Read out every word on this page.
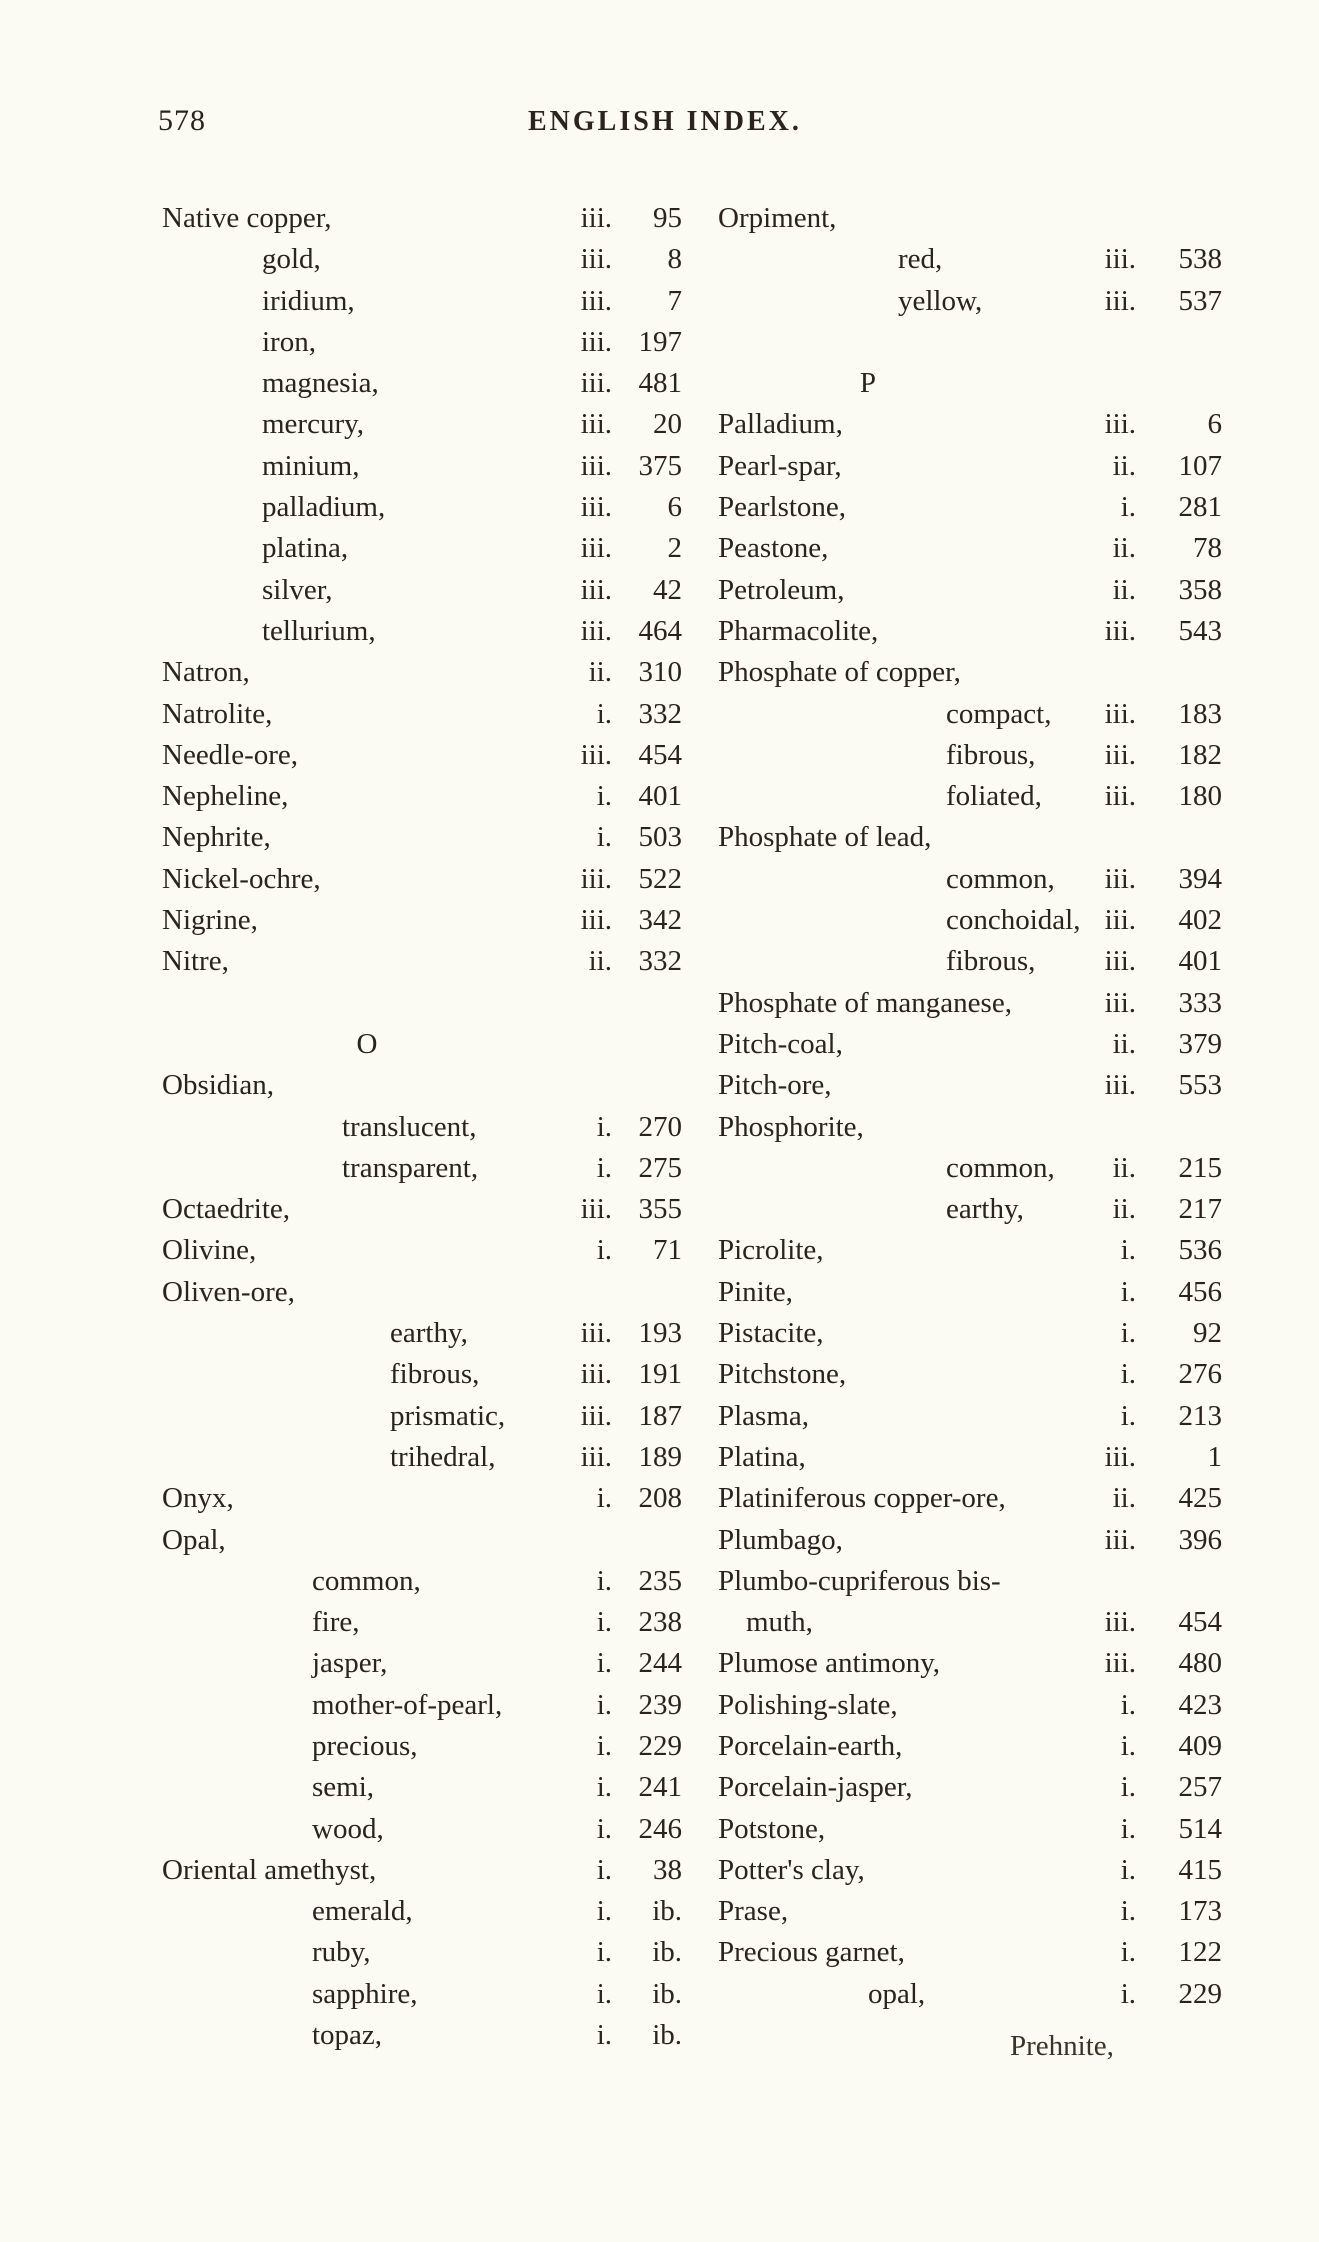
578	ENGLISH INDEX.
Native copper,	iii.	95
gold,	iii.	8
iridium,	iii.	7
iron,	iii. 197
magnesia,	iii. 481
mercury,	iii.	20
minium,	iii. 375
palladium,	iii.	6
platina,	iii.	2
silver,	iii.	42
tellurium,	iii. 464
Natron,	ii. 310
Natrolite,	i. 332
Needle-ore,	iii. 454
Nepheline,	i. 401
Nephrite,	i. 503
Nickel-ochre,	iii. 522
Nigrine,	iii. 342
Nitre,	ii. 332
O
Obsidian,
translucent,	i. 270
transparent,	i. 275
Octaedrite,	iii. 355
Olivine,	i.	71
Oliven-ore,
earthy,	iii. 193
fibrous,	iii. 191
prismatic,	iii. 187
trihedral,	iii. 189
Onyx,	i. 208
Opal,
common,	i. 235
fire,	i. 238
jasper,	i. 244
mother-of-pearl,	i. 239
precious,	i. 229
semi,	i. 241
wood,	i. 246
Oriental amethyst,	i.	38
emerald,	i.	ib.
ruby,	i.	ib.
sapphire,	i.	ib.
topaz,	i.	ib.
Orpiment,
red,	iii.	538
yellow,	iii.	537
P
Palladium,	iii.	6
Pearl-spar,	ii.	107
Pearlstone,	i.	281
Peastone,	ii.	78
Petroleum,	ii.	358
Pharmacolite,	iii.	543
Phosphate of copper,
compact,	iii.	183
fibrous,	iii.	182
foliated,	iii.	180
Phosphate of lead,
common,	iii.	394
conchoidal, iii.	402
fibrous,	iii.	401
Phosphate of manganese,	iii.	333
Pitch-coal,	ii.	379
Pitch-ore,	iii.	553
Phosphorite,
common,	ii.	215
earthy,	ii.	217
Picrolite,	i.	536
Pinite,	i.	456
Pistacite,	i.	92
Pitchstone,	i.	276
Plasma,	i.	213
Platina,	iii.	1
Platiniferous copper-ore,	ii.	425
Plumbago,	iii.	396
Plumbo-cupriferous bis-
muth,	iii.	454
Plumose antimony,	iii.	480
Polishing-slate,	i.	423
Porcelain-earth,	i.	409
Porcelain-jasper,	i.	257
Potstone,	i.	514
Potter's clay,	i.	415
Prase,	i.	173
Precious garnet,	i.	122
opal,	i.	229
Prehnite,
